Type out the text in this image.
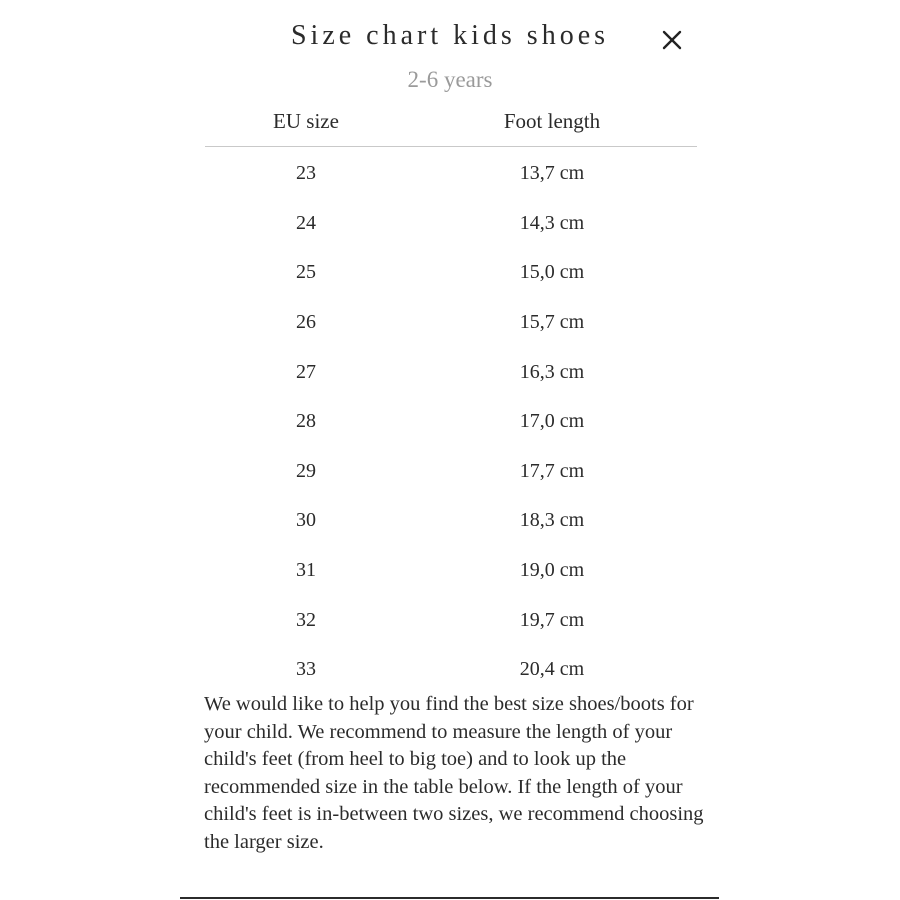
Size chart kids shoes
2-6 years
EU size	Foot length
23	13,7 cm
24	14,3 cm
25	15,0 cm
26	15,7 cm
27	16,3 cm
28	17,0 cm
29	17,7 cm
30	18,3 cm
31	19,0 cm
32	19,7 cm
33	20,4 cm
We would like to help you find the best size shoes/boots for your child. We recommend to measure the length of your child's feet (from heel to big toe) and to look up the recommended size in the table below. If the length of your child's feet is in-between two sizes, we recommend choosing the larger size.
